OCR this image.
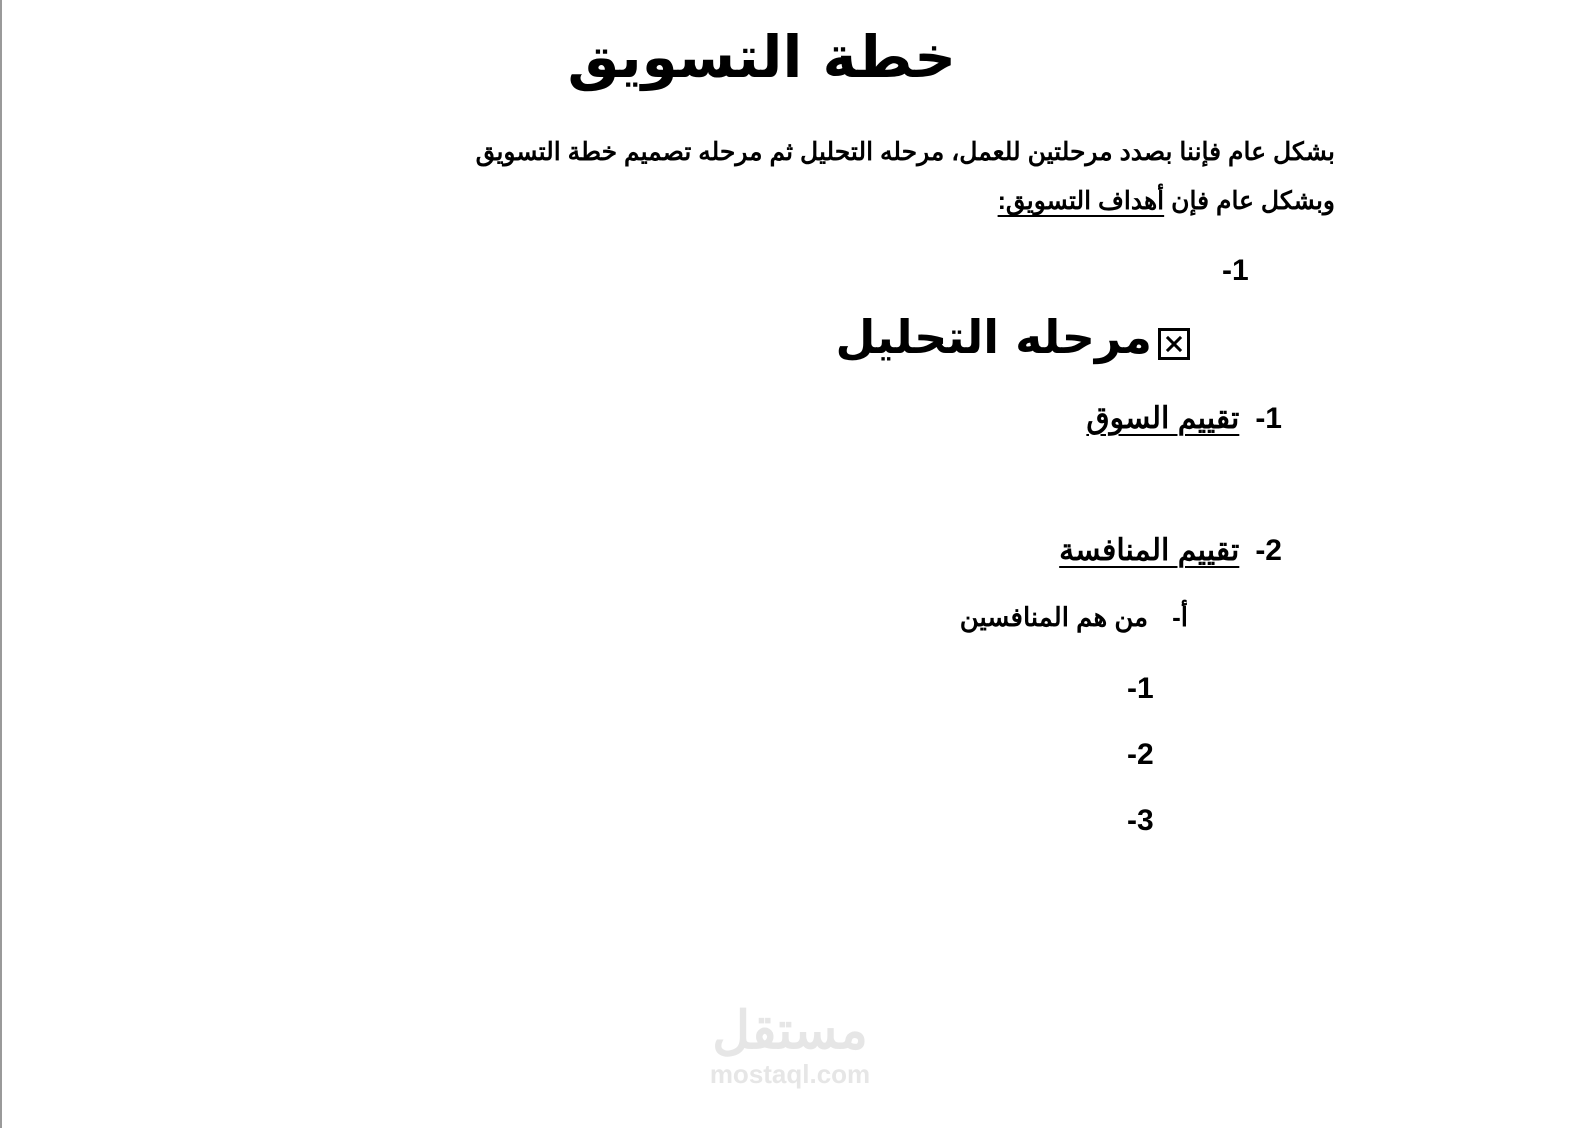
خطة التسويق
بشكل عام فإننا بصدد مرحلتين للعمل، مرحله التحليل ثم مرحله تصميم خطة التسويق
وبشكل عام فإن أهداف التسويق:
-1
مرحله التحليل
-1
تقييم السوق
-2
تقييم المنافسة
أ-
من هم المنافسين
-1
-2
-3
مستقل
mostaql.com
